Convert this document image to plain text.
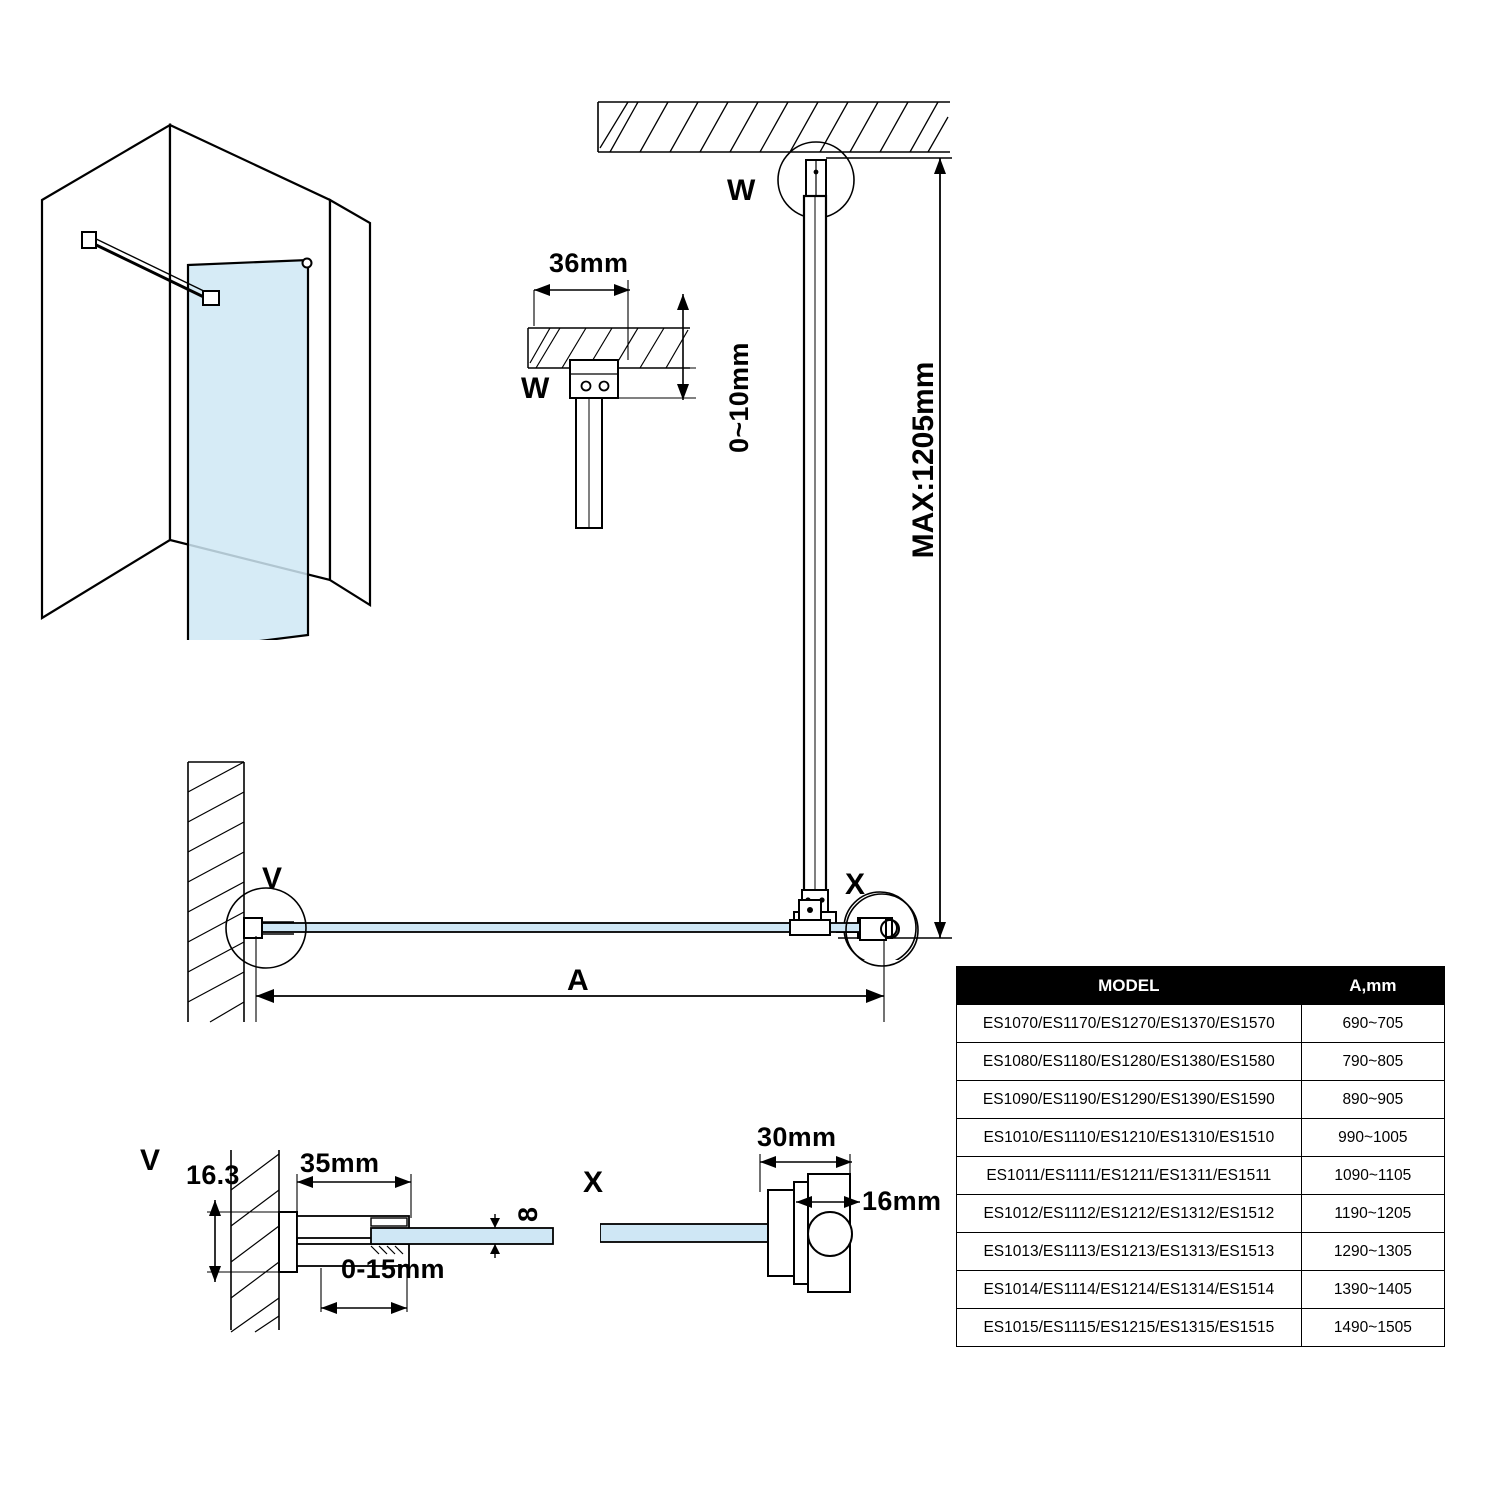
W
MAX:1205mm
36mm
W	0~10mm
V	X
A
V	35mm
16.3
0-15mm
8
X
30mm
16mm
MODEL	A,mm
ES1070/ES1170/ES1270/ES1370/ES1570	690~705
ES1080/ES1180/ES1280/ES1380/ES1580	790~805
ES1090/ES1190/ES1290/ES1390/ES1590	890~905
ES1010/ES1110/ES1210/ES1310/ES1510	990~1005
ES1011/ES1111/ES1211/ES1311/ES1511	1090~1105
ES1012/ES1112/ES1212/ES1312/ES1512	1190~1205
ES1013/ES1113/ES1213/ES1313/ES1513	1290~1305
ES1014/ES1114/ES1214/ES1314/ES1514	1390~1405
ES1015/ES1115/ES1215/ES1315/ES1515	1490~1505
